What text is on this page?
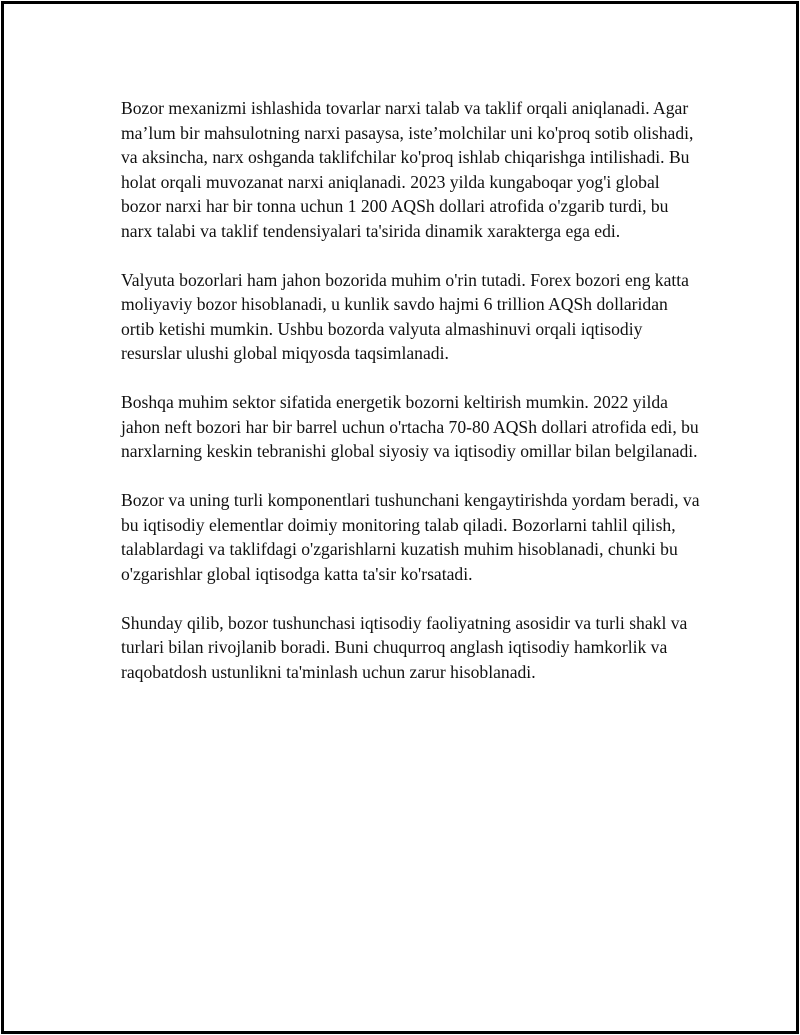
Bozor mexanizmi ishlashida tovarlar narxi talab va taklif orqali aniqlanadi. Agar ma’lum bir mahsulotning narxi pasaysa, iste’molchilar uni ko'proq sotib olishadi, va aksincha, narx oshganda taklifchilar ko'proq ishlab chiqarishga intilishadi. Bu holat orqali muvozanat narxi aniqlanadi. 2023 yilda kungaboqar yog'i global bozor narxi har bir tonna uchun 1 200 AQSh dollari atrofida o'zgarib turdi, bu narx talabi va taklif tendensiyalari ta'sirida dinamik xarakterga ega edi.

Valyuta bozorlari ham jahon bozorida muhim o'rin tutadi. Forex bozori eng katta moliyaviy bozor hisoblanadi, u kunlik savdo hajmi 6 trillion AQSh dollaridan ortib ketishi mumkin. Ushbu bozorda valyuta almashinuvi orqali iqtisodiy resurslar ulushi global miqyosda taqsimlanadi.

Boshqa muhim sektor sifatida energetik bozorni keltirish mumkin. 2022 yilda jahon neft bozori har bir barrel uchun o'rtacha 70-80 AQSh dollari atrofida edi, bu narxlarning keskin tebranishi global siyosiy va iqtisodiy omillar bilan belgilanadi.

Bozor va uning turli komponentlari tushunchani kengaytirishda yordam beradi, va bu iqtisodiy elementlar doimiy monitoring talab qiladi. Bozorlarni tahlil qilish, talablardagi va taklifdagi o'zgarishlarni kuzatish muhim hisoblanadi, chunki bu o'zgarishlar global iqtisodga katta ta'sir ko'rsatadi.

Shunday qilib, bozor tushunchasi iqtisodiy faoliyatning asosidir va turli shakl va turlari bilan rivojlanib boradi. Buni chuqurroq anglash iqtisodiy hamkorlik va raqobatdosh ustunlikni ta'minlash uchun zarur hisoblanadi.
